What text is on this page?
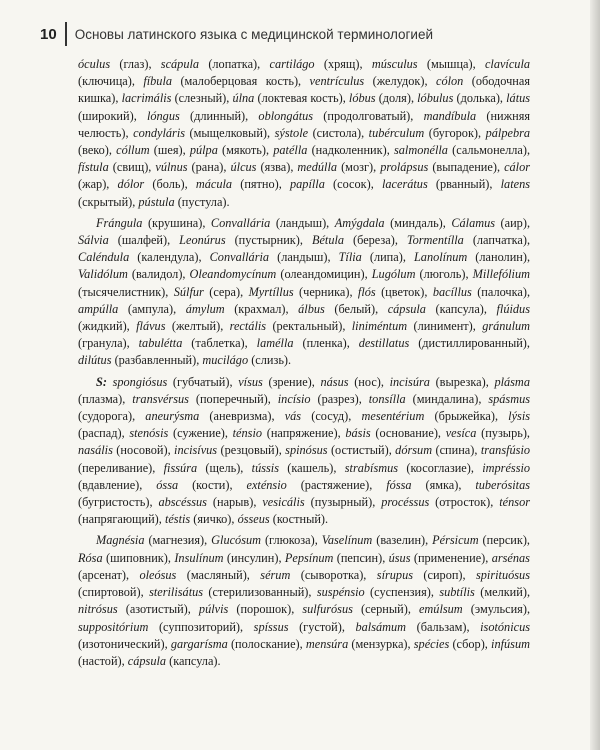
10 Основы латинского языка с медицинской терминологией

óculus (глаз), scápula (лопатка), cartilágo (хрящ), músculus (мышца), clavícula (ключица), fíbula (малоберцовая кость), ventrículus (желудок), cólon (ободочная кишка), lacrimális (слезный), úlna (локтевая кость), lóbus (доля), lóbulus (долька), látus (широкий), lóngus (длинный), oblongátus (продолговатый), mandíbula (нижняя челюсть), condyláris (мыщелковый), sýstole (систола), tubérculum (бугорок), pálpebra (веко), cóllum (шея), púlpa (мякоть), patélla (надколенник), salmonélla (сальмонелла), fístula (свищ), vúlnus (рана), úlcus (язва), medúlla (мозг), prolápsus (выпадение), cálor (жар), dólor (боль), mácula (пятно), papílla (сосок), lacerátus (рванный), latens (скрытый), pústula (пустула).

Frángula (крушина), Convallária (ландыш), Amýgdala (миндаль), Cálamus (аир), Sálvia (шалфей), Leonúrus (пустырник), Bétula (береза), Tormentílla (лапчатка), Caléndula (календула), Convallária (ландыш), Tília (липа), Lanolínum (ланолин), Validólum (валидол), Oleandomycínum (олеандомицин), Lugólum (люголь), Millefólium (тысячелистник), Súlfur (сера), Myrtíllus (черника), flós (цветок), bacíllus (палочка), ampúlla (ампула), ámylum (крахмал), álbus (белый), cápsula (капсула), flúidus (жидкий), flávus (желтый), rectális (ректальный), liniméntum (линимент), gránulum (гранула), tabulétta (таблетка), lamélla (пленка), destillatus (дистиллированный), dilútus (разбавленный), mucilágo (слизь).

S: spongiósus (губчатый), vísus (зрение), násus (нос), incisúra (вырезка), plásma (плазма), transvérsus (поперечный), incísio (разрез), tonsílla (миндалина), spásmus (судорога), aneurýsma (аневризма), vás (сосуд), mesentérium (брыжейка), lýsis (распад), stenósis (сужение), ténsio (напряжение), básis (основание), vesíca (пузырь), nasális (носовой), incisívus (резцовый), spinósus (остистый), dórsum (спина), transfúsio (переливание), fissúra (щель), tússis (кашель), strabísmus (косоглазие), impréssio (вдавление), óssa (кости), exténsio (растяжение), fóssa (ямка), tuberósitas (бугристость), abscéssus (нарыв), vesicális (пузырный), procéssus (отросток), ténsor (напрягающий), téstis (яичко), ósseus (костный).

Magnésia (магнезия), Glucósum (глюкоза), Vaselínum (вазелин), Pérsicum (персик), Rósa (шиповник), Insulínum (инсулин), Pepsínum (пепсин), úsus (применение), arsénas (арсенат), oleósus (масляный), sérum (сыворотка), sírupus (сироп), spirituósus (спиртовой), sterilisátus (стерилизованный), suspénsio (суспензия), subtílis (мелкий), nitrósus (азотистый), púlvis (порошок), sulfurósus (серный), emúlsum (эмульсия), suppositórium (суппозиторий), spíssus (густой), balsámum (бальзам), isotónicus (изотонический), gargarísma (полоскание), mensúra (мензурка), spécies (сбор), infúsum (настой), cápsula (капсула).
